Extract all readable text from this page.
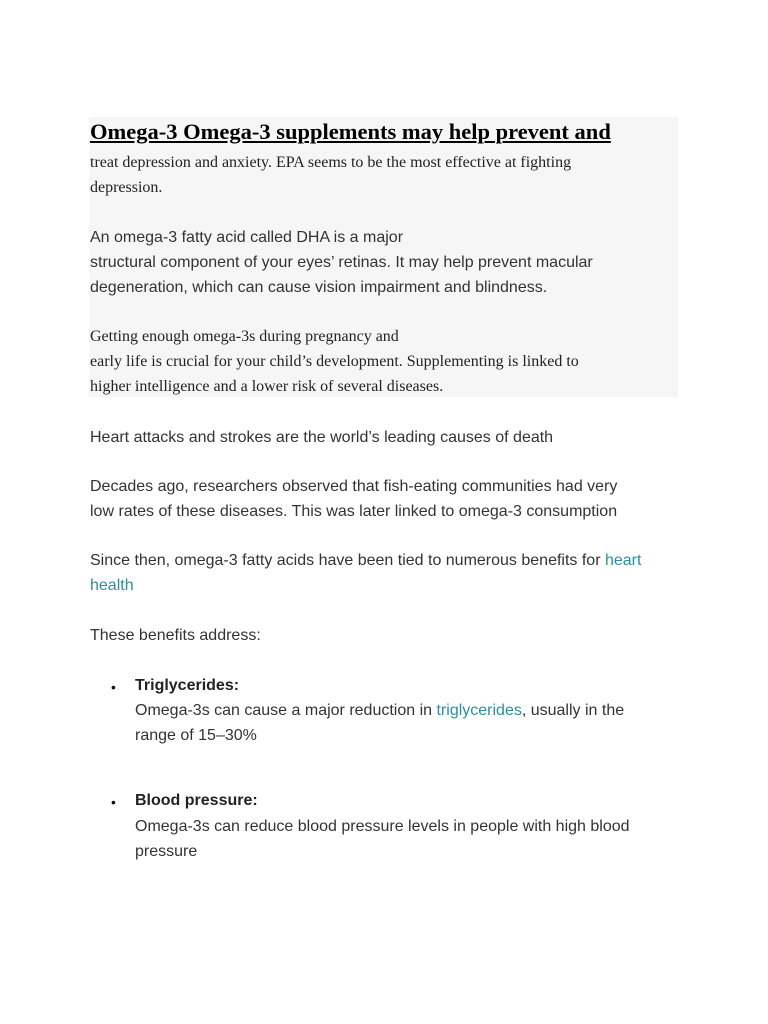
Omega-3 Omega-3 supplements may help prevent and

treat depression and anxiety. EPA seems to be the most effective at fighting

depression.

An omega-3 fatty acid called DHA is a major

structural component of your eyes’ retinas. It may help prevent macular

degeneration, which can cause vision impairment and blindness.

Getting enough omega-3s during pregnancy and

early life is crucial for your child’s development. Supplementing is linked to

higher intelligence and a lower risk of several diseases.

Heart attacks and strokes are the world’s leading causes of death

Decades ago, researchers observed that fish-eating communities had very

low rates of these diseases. This was later linked to omega-3 consumption

Since then, omega-3 fatty acids have been tied to numerous benefits for heart

health

These benefits address:

• Triglycerides:

Omega-3s can cause a major reduction in triglycerides, usually in the

range of 15–30%

• Blood pressure:

Omega-3s can reduce blood pressure levels in people with high blood

pressure
